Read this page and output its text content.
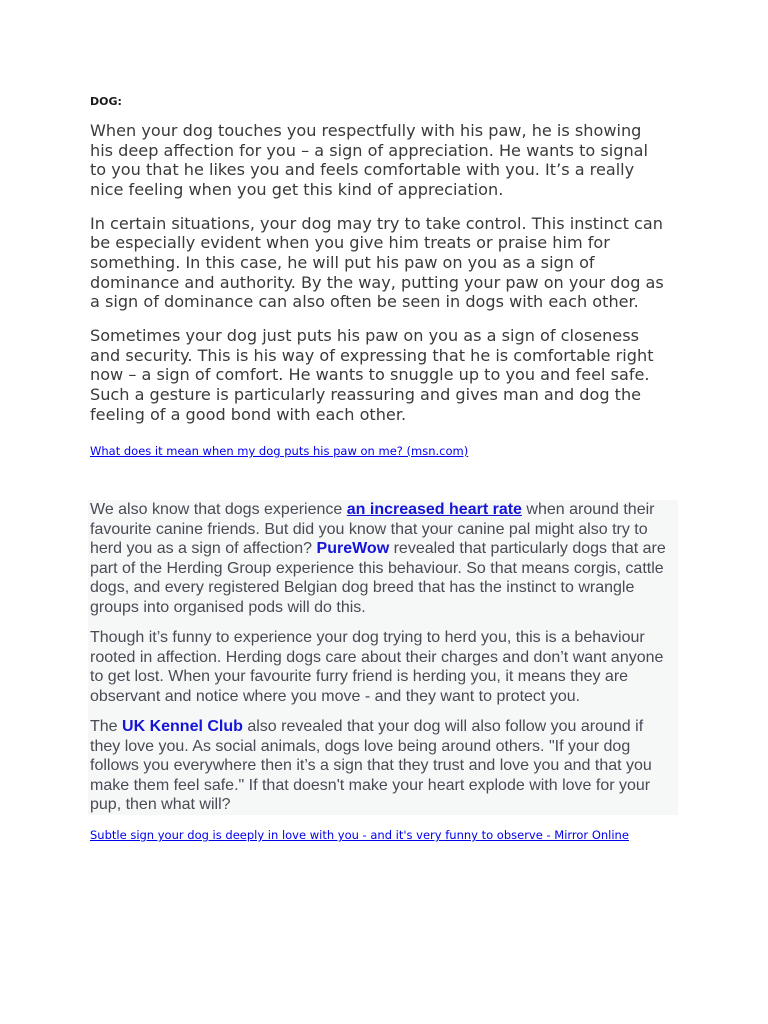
DOG:

When your dog touches you respectfully with his paw, he is showing
his deep affection for you – a sign of appreciation. He wants to signal
to you that he likes you and feels comfortable with you. It’s a really
nice feeling when you get this kind of appreciation.

In certain situations, your dog may try to take control. This instinct can
be especially evident when you give him treats or praise him for
something. In this case, he will put his paw on you as a sign of
dominance and authority. By the way, putting your paw on your dog as
a sign of dominance can also often be seen in dogs with each other.

Sometimes your dog just puts his paw on you as a sign of closeness
and security. This is his way of expressing that he is comfortable right
now – a sign of comfort. He wants to snuggle up to you and feel safe.
Such a gesture is particularly reassuring and gives man and dog the
feeling of a good bond with each other.

What does it mean when my dog puts his paw on me? (msn.com)

We also know that dogs experience an increased heart rate when around their
favourite canine friends. But did you know that your canine pal might also try to
herd you as a sign of affection? PureWow revealed that particularly dogs that are
part of the Herding Group experience this behaviour. So that means corgis, cattle
dogs, and every registered Belgian dog breed that has the instinct to wrangle
groups into organised pods will do this.

Though it’s funny to experience your dog trying to herd you, this is a behaviour
rooted in affection. Herding dogs care about their charges and don’t want anyone
to get lost. When your favourite furry friend is herding you, it means they are
observant and notice where you move - and they want to protect you.

The UK Kennel Club also revealed that your dog will also follow you around if
they love you. As social animals, dogs love being around others. "If your dog
follows you everywhere then it’s a sign that they trust and love you and that you
make them feel safe." If that doesn't make your heart explode with love for your
pup, then what will?

Subtle sign your dog is deeply in love with you - and it's very funny to observe - Mirror Online
